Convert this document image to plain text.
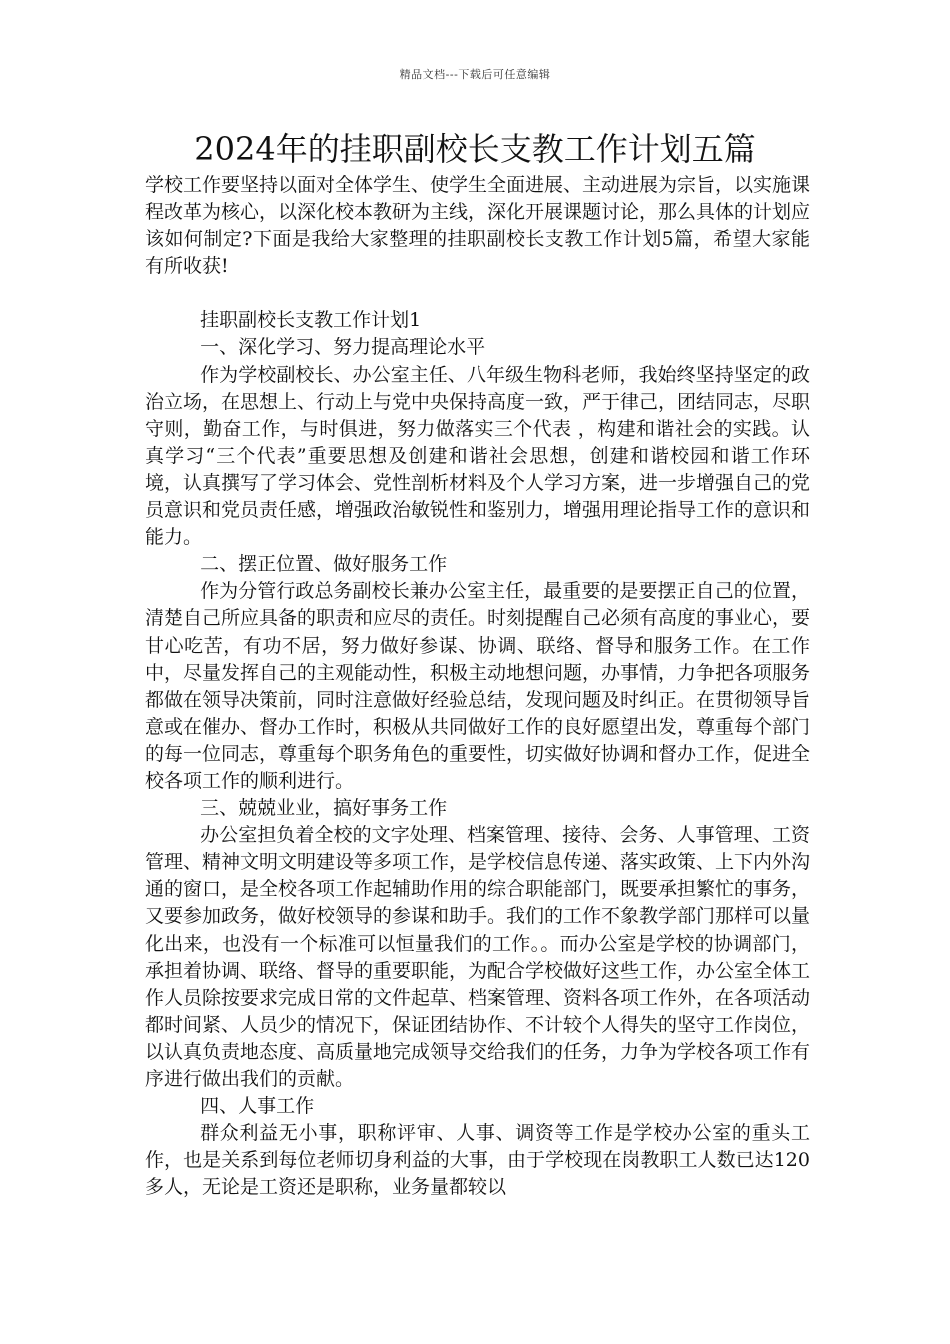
精品文档---下载后可任意编辑
2024年的挂职副校长支教工作计划五篇

学校工作要坚持以面对全体学生、使学生全面进展、主动进展为宗旨，以实施课程改革为核心，以深化校本教研为主线，深化开展课题讨论，那么具体的计划应该如何制定?下面是我给大家整理的挂职副校长支教工作计划5篇，希望大家能有所收获!

挂职副校长支教工作计划1

一、深化学习、努力提高理论水平

作为学校副校长、办公室主任、八年级生物科老师，我始终坚持坚定的政治立场，在思想上、行动上与党中央保持高度一致，严于律己，团结同志，尽职守则，勤奋工作，与时俱进，努力做落实三个代表 ，构建和谐社会的实践。认真学习“三个代表”重要思想及创建和谐社会思想，创建和谐校园和谐工作环境，认真撰写了学习体会、党性剖析材料及个人学习方案，进一步增强自己的党员意识和党员责任感，增强政治敏锐性和鉴别力，增强用理论指导工作的意识和能力。

二、摆正位置、做好服务工作

作为分管行政总务副校长兼办公室主任，最重要的是要摆正自己的位置，清楚自己所应具备的职责和应尽的责任。时刻提醒自己必须有高度的事业心，要甘心吃苦，有功不居，努力做好参谋、协调、联络、督导和服务工作。在工作中，尽量发挥自己的主观能动性，积极主动地想问题，办事情，力争把各项服务都做在领导决策前，同时注意做好经验总结，发现问题及时纠正。在贯彻领导旨意或在催办、督办工作时，积极从共同做好工作的良好愿望出发，尊重每个部门的每一位同志，尊重每个职务角色的重要性，切实做好协调和督办工作，促进全校各项工作的顺利进行。

三、兢兢业业，搞好事务工作

办公室担负着全校的文字处理、档案管理、接待、会务、人事管理、工资管理、精神文明文明建设等多项工作，是学校信息传递、落实政策、上下内外沟通的窗口，是全校各项工作起辅助作用的综合职能部门，既要承担繁忙的事务，又要参加政务，做好校领导的参谋和助手。我们的工作不象教学部门那样可以量化出来，也没有一个标准可以恒量我们的工作。。而办公室是学校的协调部门，承担着协调、联络、督导的重要职能，为配合学校做好这些工作，办公室全体工作人员除按要求完成日常的文件起草、档案管理、资料各项工作外，在各项活动都时间紧、人员少的情况下，保证团结协作、不计较个人得失的坚守工作岗位，以认真负责地态度、高质量地完成领导交给我们的任务，力争为学校各项工作有序进行做出我们的贡献。

四、人事工作

群众利益无小事，职称评审、人事、调资等工作是学校办公室的重头工作，也是关系到每位老师切身利益的大事，由于学校现在岗教职工人数已达120多人，无论是工资还是职称，业务量都较以
